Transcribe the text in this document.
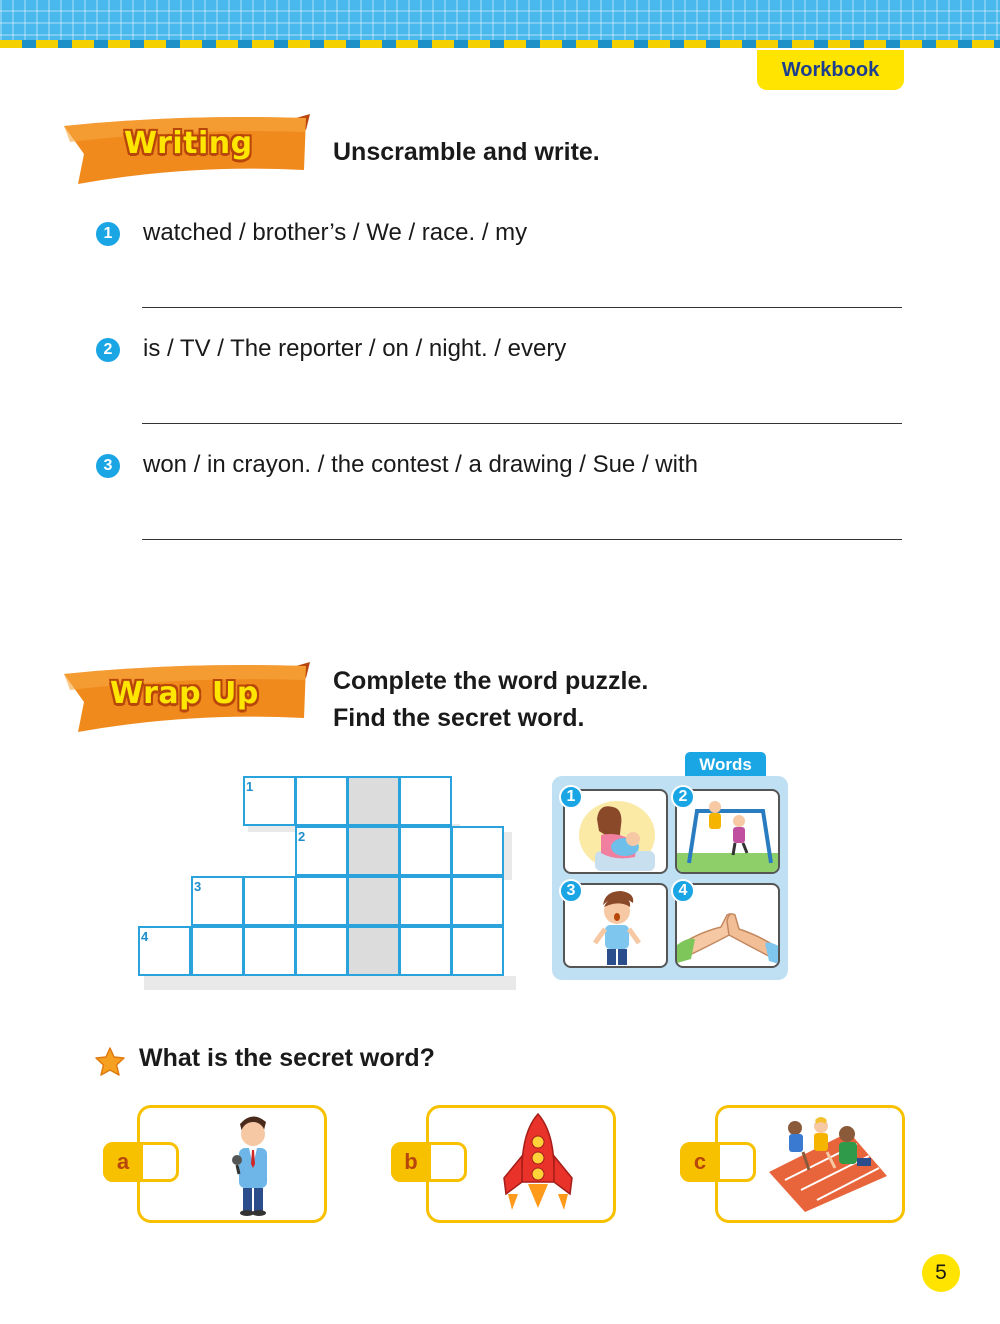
Workbook
Writing	Unscramble and write.
1	watched / brother’s / We / race. / my
2	is / TV / The reporter / on / night. / every
3	won / in crayon. / the contest / a drawing / Sue / with
Wrap Up	Complete the word puzzle.
Find the secret word.
1
2
3
4
Words
1	2
3	4
What is the secret word?
a	b	c
5
